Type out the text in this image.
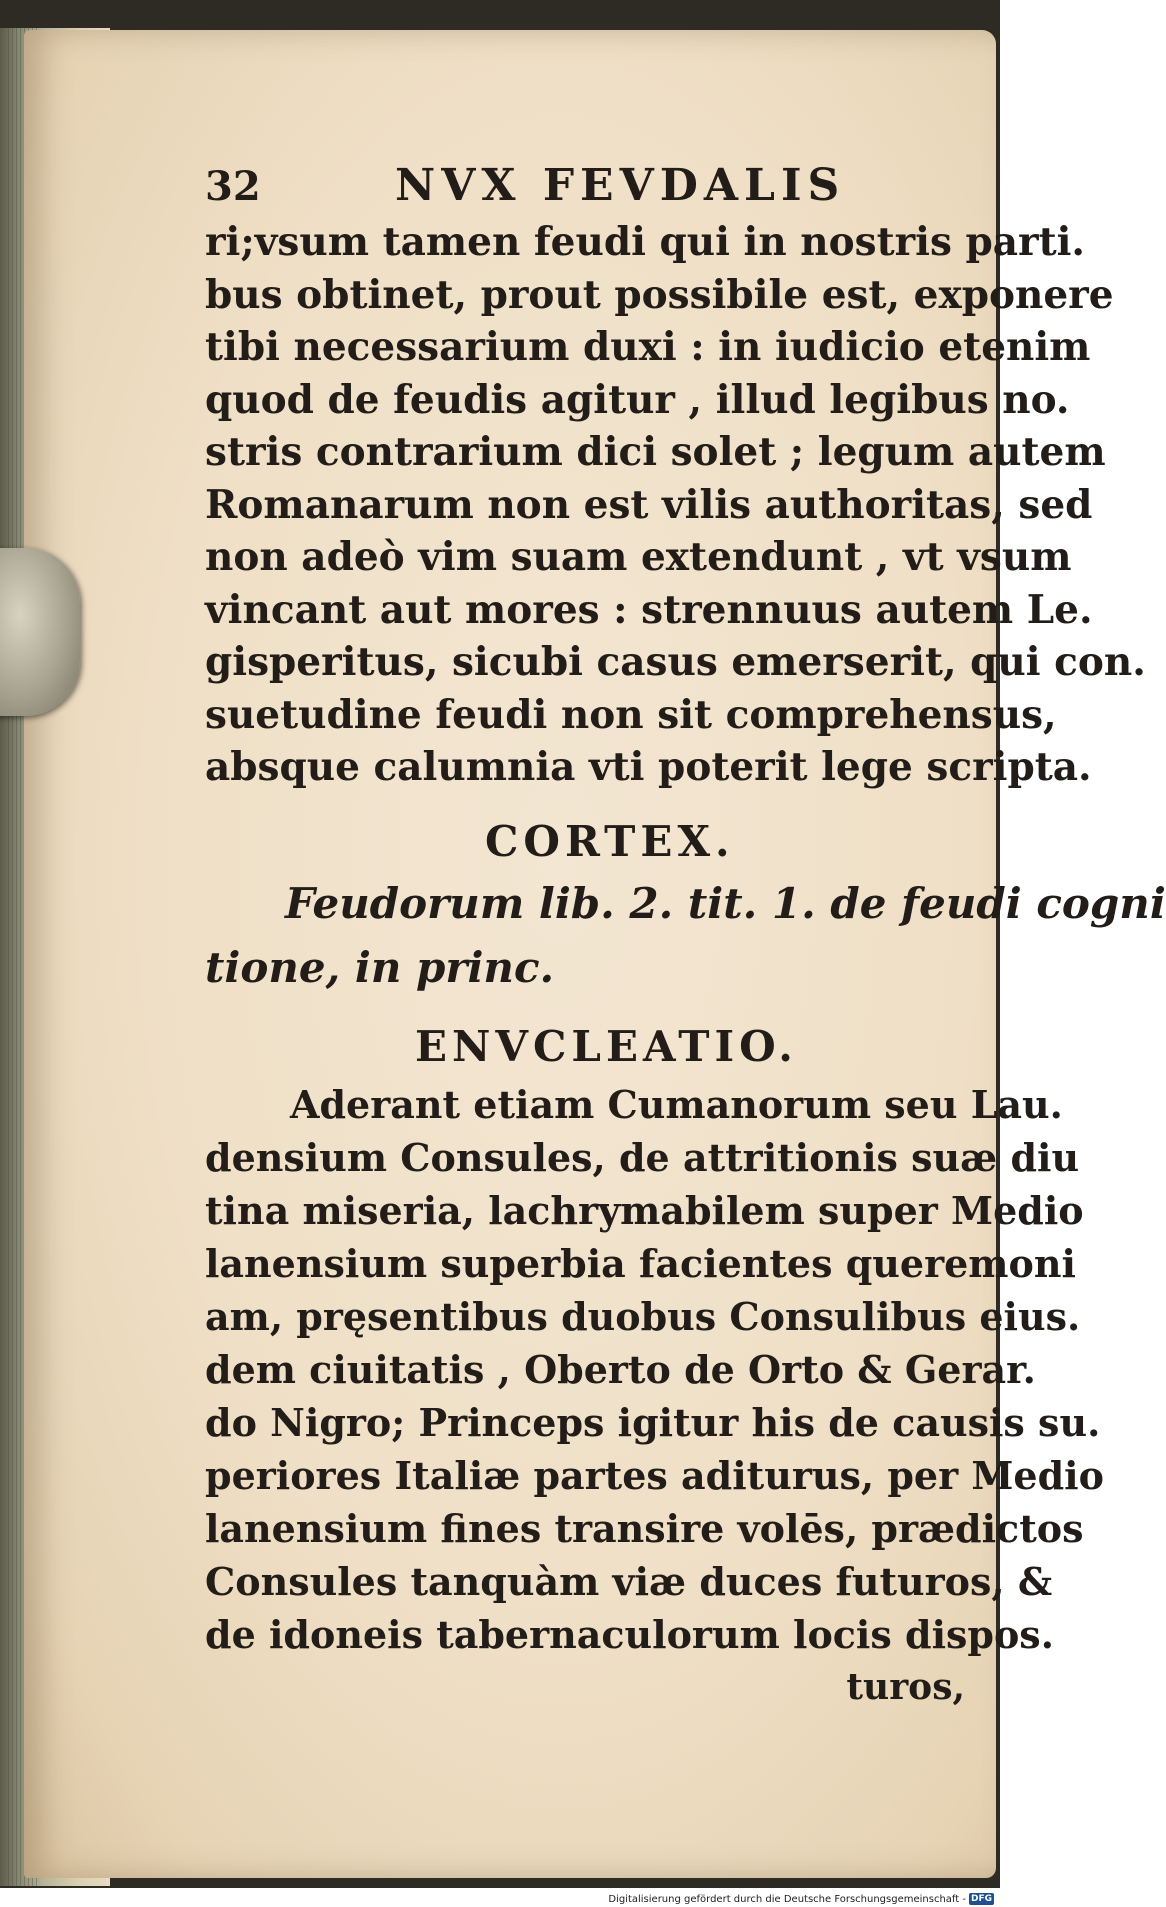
32	NVX FEVDALIS
ri;vsum tamen feudi qui in nostris parti.
bus obtinet, prout possibile est, exponere
tibi necessarium duxi : in iudicio etenim
quod de feudis agitur , illud legibus no.
stris contrarium dici solet ; legum autem
Romanarum non est vilis authoritas, sed
non adeò vim suam extendunt , vt vsum
vincant aut mores : strennuus autem Le.
gisperitus, sicubi casus emerserit, qui con.
suetudine feudi non sit comprehensus,
absque calumnia vti poterit lege scripta.
CORTEX.
Feudorum lib. 2. tit. 1. de feudi cogni
tione, in princ.
ENVCLEATIO.
Aderant etiam Cumanorum seu Lau.
densium Consules, de attritionis suæ diu
tina miseria, lachrymabilem super Medio
lanensium superbia facientes queremoni
am, pręsentibus duobus Consulibus eius.
dem ciuitatis , Oberto de Orto & Gerar.
do Nigro; Princeps igitur his de causis su.
periores Italiæ partes aditurus, per Medio
lanensium fines transire volēs, prædictos
Consules tanquàm viæ duces futuros, &
de idoneis tabernaculorum locis dispos.
turos,
Digitalisierung gefördert durch die Deutsche Forschungsgemeinschaft - DFG
